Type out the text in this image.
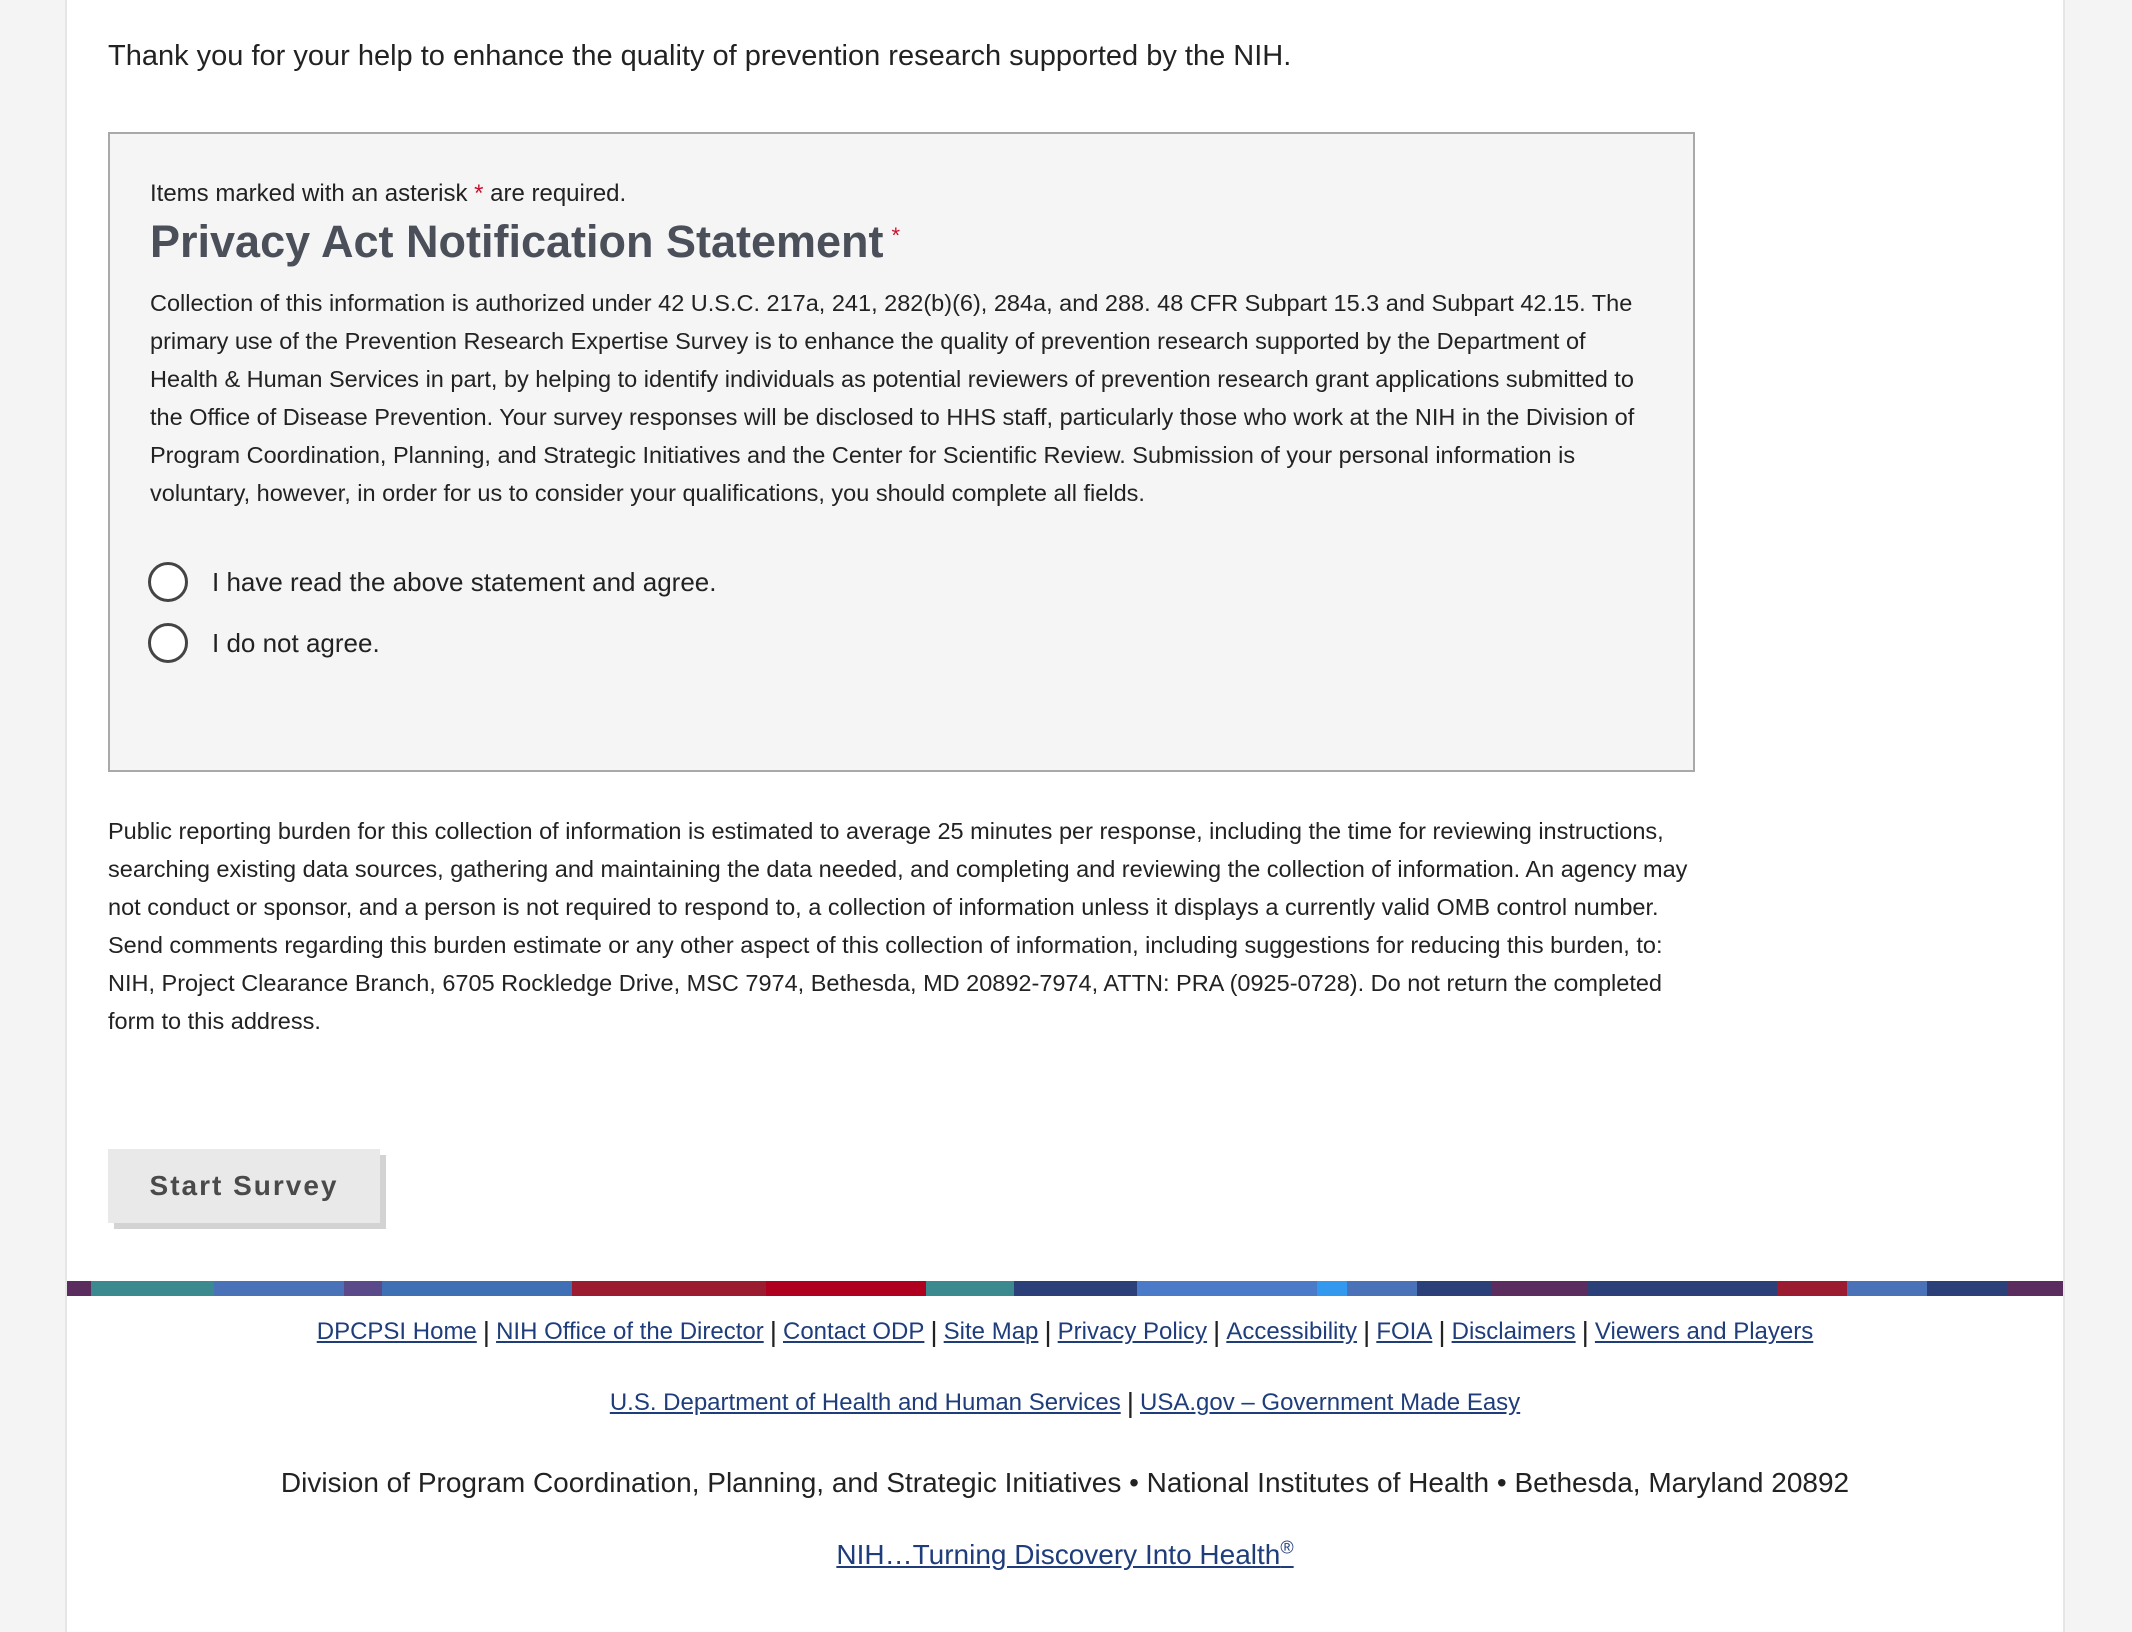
Thank you for your help to enhance the quality of prevention research supported by the NIH.
Items marked with an asterisk * are required.
Privacy Act Notification Statement *
Collection of this information is authorized under 42 U.S.C. 217a, 241, 282(b)(6), 284a, and 288. 48 CFR Subpart 15.3 and Subpart 42.15. The primary use of the Prevention Research Expertise Survey is to enhance the quality of prevention research supported by the Department of Health & Human Services in part, by helping to identify individuals as potential reviewers of prevention research grant applications submitted to the Office of Disease Prevention. Your survey responses will be disclosed to HHS staff, particularly those who work at the NIH in the Division of Program Coordination, Planning, and Strategic Initiatives and the Center for Scientific Review. Submission of your personal information is voluntary, however, in order for us to consider your qualifications, you should complete all fields.
I have read the above statement and agree.
I do not agree.
Public reporting burden for this collection of information is estimated to average 25 minutes per response, including the time for reviewing instructions, searching existing data sources, gathering and maintaining the data needed, and completing and reviewing the collection of information. An agency may not conduct or sponsor, and a person is not required to respond to, a collection of information unless it displays a currently valid OMB control number. Send comments regarding this burden estimate or any other aspect of this collection of information, including suggestions for reducing this burden, to: NIH, Project Clearance Branch, 6705 Rockledge Drive, MSC 7974, Bethesda, MD 20892-7974, ATTN: PRA (0925-0728). Do not return the completed form to this address.
Start Survey
DPCPSI Home | NIH Office of the Director | Contact ODP | Site Map | Privacy Policy | Accessibility | FOIA | Disclaimers | Viewers and Players
U.S. Department of Health and Human Services | USA.gov – Government Made Easy
Division of Program Coordination, Planning, and Strategic Initiatives • National Institutes of Health • Bethesda, Maryland 20892
NIH…Turning Discovery Into Health®
